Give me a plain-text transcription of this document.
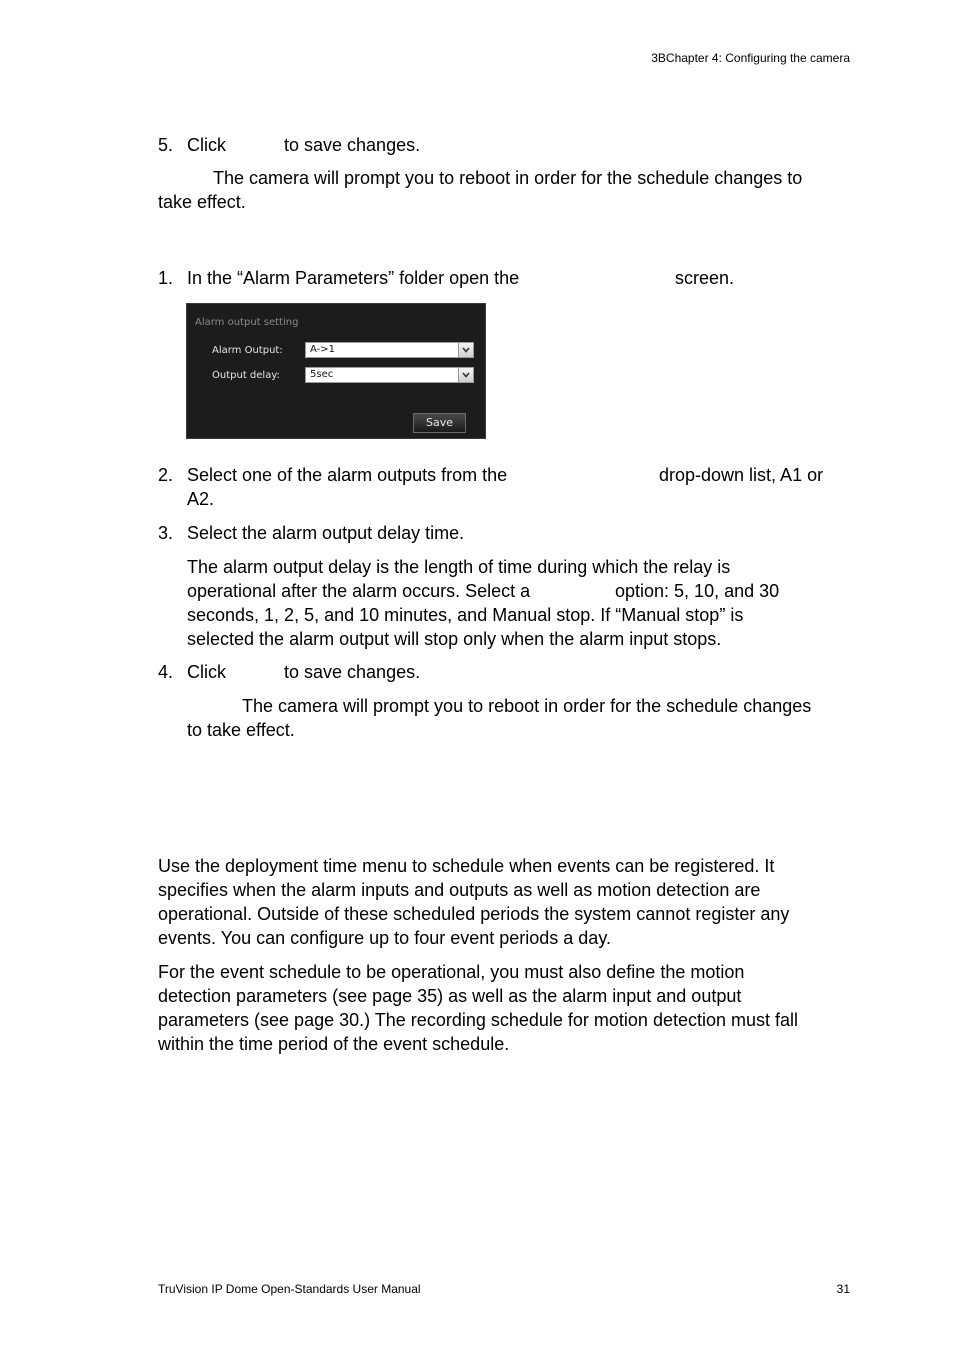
3BChapter 4: Configuring the camera
5. Click	to save changes.
The camera will prompt you to reboot in order for the schedule changes to
take effect.
1. In the “Alarm Parameters” folder open the	screen.
Alarm output setting
Alarm Output:	A->1
Output delay:	5sec
Save
2. Select one of the alarm outputs from the	drop-down list, A1 or
A2.
3. Select the alarm output delay time.
The alarm output delay is the length of time during which the relay is
operational after the alarm occurs. Select a	option: 5, 10, and 30
seconds, 1, 2, 5, and 10 minutes, and Manual stop. If “Manual stop” is
selected the alarm output will stop only when the alarm input stops.
4. Click	to save changes.
The camera will prompt you to reboot in order for the schedule changes
to take effect.
Use the deployment time menu to schedule when events can be registered. It
specifies when the alarm inputs and outputs as well as motion detection are
operational. Outside of these scheduled periods the system cannot register any
events. You can configure up to four event periods a day.
For the event schedule to be operational, you must also define the motion
detection parameters (see page 35) as well as the alarm input and output
parameters (see page 30.) The recording schedule for motion detection must fall
within the time period of the event schedule.
TruVision IP Dome Open-Standards User Manual	31
